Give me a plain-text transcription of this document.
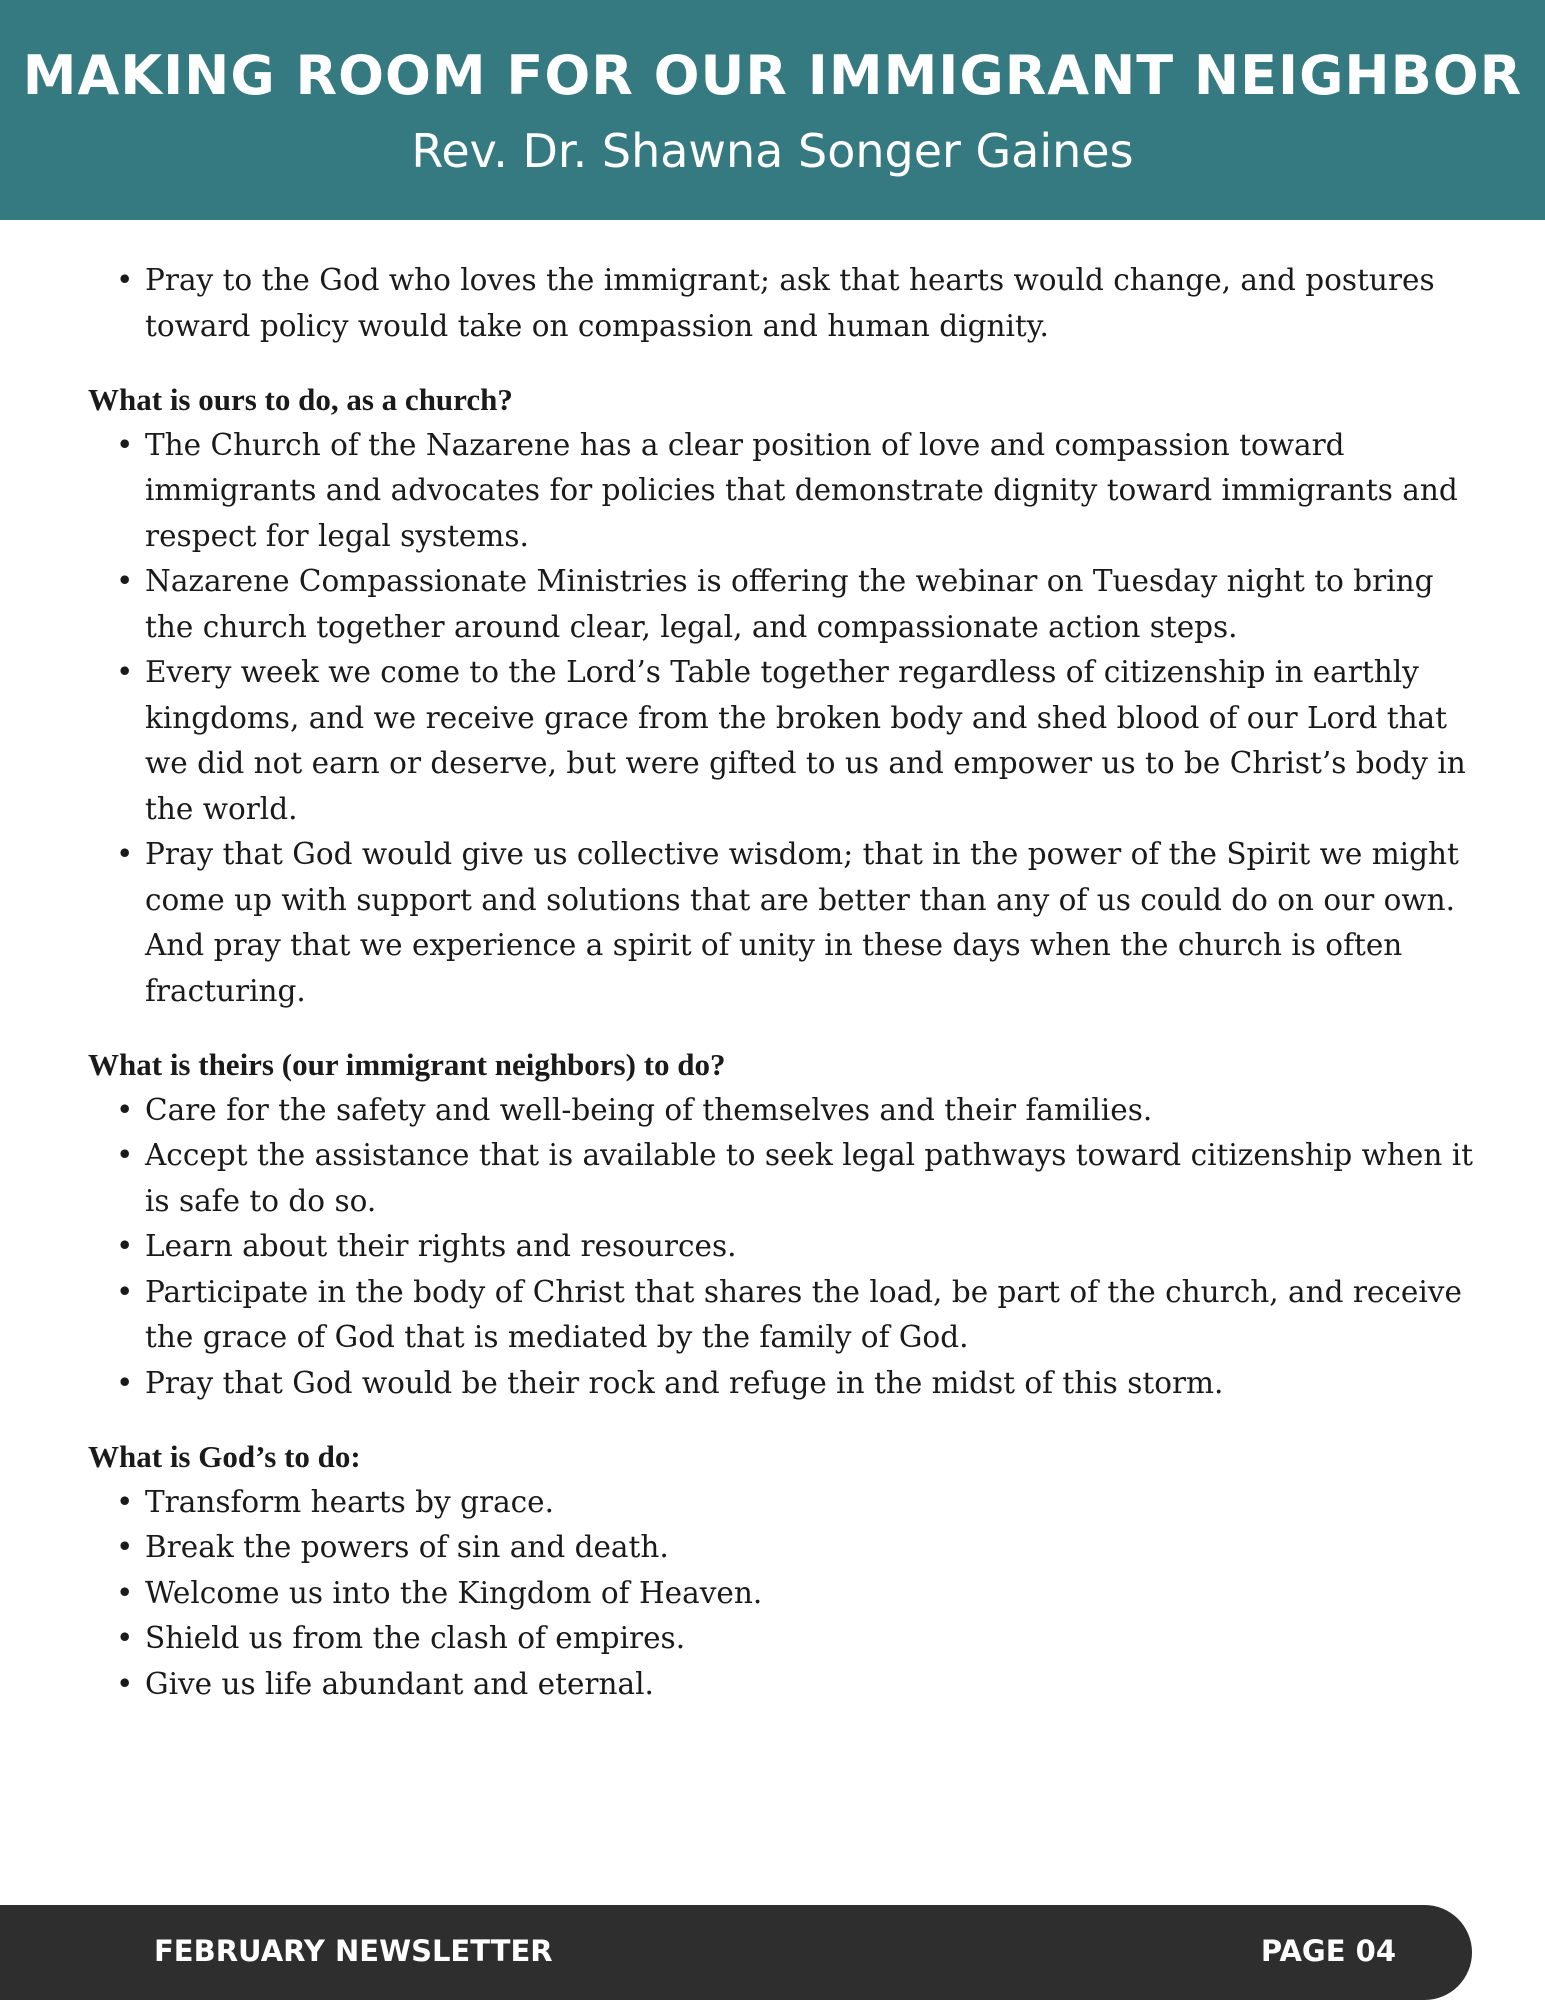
MAKING ROOM FOR OUR IMMIGRANT NEIGHBOR
Rev. Dr. Shawna Songer Gaines
• Pray to the God who loves the immigrant; ask that hearts would change, and postures toward policy would take on compassion and human dignity.

What is ours to do, as a church?

• The Church of the Nazarene has a clear position of love and compassion toward immigrants and advocates for policies that demonstrate dignity toward immigrants and respect for legal systems.
• Nazarene Compassionate Ministries is offering the webinar on Tuesday night to bring the church together around clear, legal, and compassionate action steps.
• Every week we come to the Lord’s Table together regardless of citizenship in earthly kingdoms, and we receive grace from the broken body and shed blood of our Lord that we did not earn or deserve, but were gifted to us and empower us to be Christ’s body in the world.
• Pray that God would give us collective wisdom; that in the power of the Spirit we might come up with support and solutions that are better than any of us could do on our own. And pray that we experience a spirit of unity in these days when the church is often fracturing.

What is theirs (our immigrant neighbors) to do?

• Care for the safety and well-being of themselves and their families.
• Accept the assistance that is available to seek legal pathways toward citizenship when it is safe to do so.
• Learn about their rights and resources.
• Participate in the body of Christ that shares the load, be part of the church, and receive the grace of God that is mediated by the family of God.
• Pray that God would be their rock and refuge in the midst of this storm.

What is God’s to do:

• Transform hearts by grace.
• Break the powers of sin and death.
• Welcome us into the Kingdom of Heaven.
• Shield us from the clash of empires.
• Give us life abundant and eternal.
FEBRUARY NEWSLETTER	PAGE 04
